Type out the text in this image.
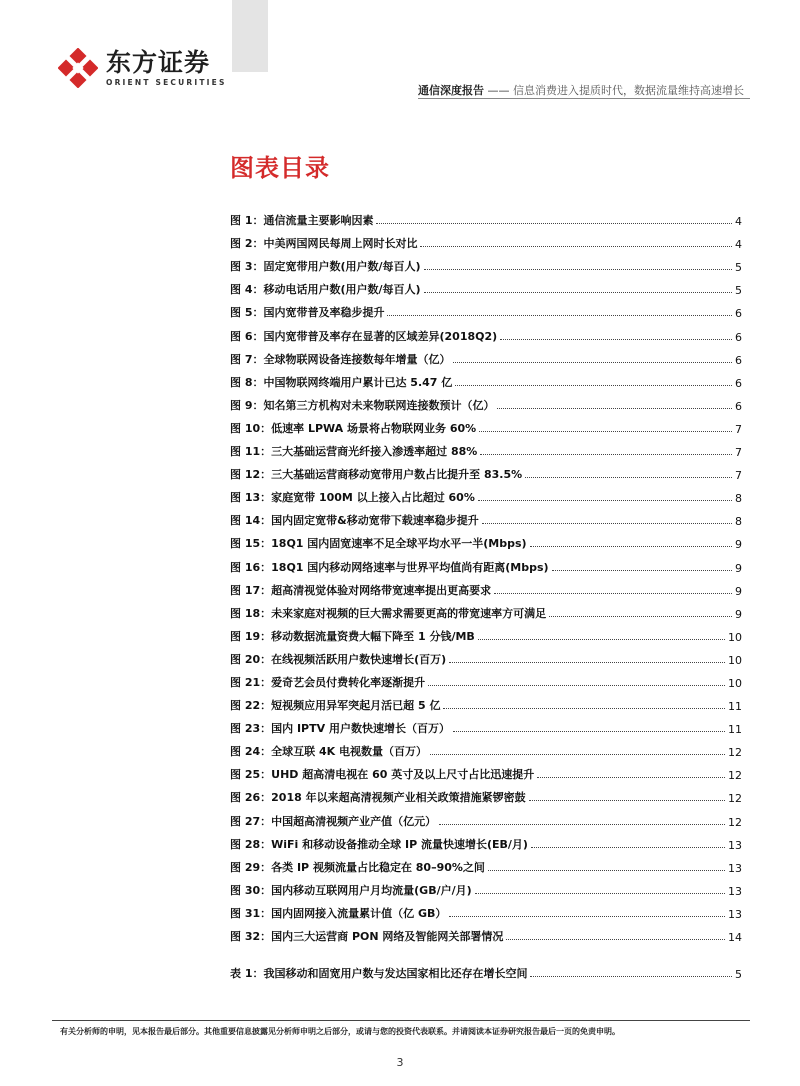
东方证券
ORIENT SECURITIES
通信深度报告 —— 信息消费进入提质时代，数据流量维持高速增长
图表目录
图 1：通信流量主要影响因素	4
图 2：中美两国网民每周上网时长对比	4
图 3：固定宽带用户数(用户数/每百人)	5
图 4：移动电话用户数(用户数/每百人)	5
图 5：国内宽带普及率稳步提升	6
图 6：国内宽带普及率存在显著的区域差异(2018Q2)	6
图 7：全球物联网设备连接数每年增量（亿）	6
图 8：中国物联网终端用户累计已达 5.47 亿	6
图 9：知名第三方机构对未来物联网连接数预计（亿）	6
图 10：低速率 LPWA 场景将占物联网业务 60%	7
图 11：三大基础运营商光纤接入渗透率超过 88%	7
图 12：三大基础运营商移动宽带用户数占比提升至 83.5%	7
图 13：家庭宽带 100M 以上接入占比超过 60%	8
图 14：国内固定宽带&移动宽带下载速率稳步提升	8
图 15：18Q1 国内固宽速率不足全球平均水平一半(Mbps)	9
图 16：18Q1 国内移动网络速率与世界平均值尚有距离(Mbps)	9
图 17：超高清视觉体验对网络带宽速率提出更高要求	9
图 18：未来家庭对视频的巨大需求需要更高的带宽速率方可满足	9
图 19：移动数据流量资费大幅下降至 1 分钱/MB	10
图 20：在线视频活跃用户数快速增长(百万)	10
图 21：爱奇艺会员付费转化率逐渐提升	10
图 22：短视频应用异军突起月活已超 5 亿	11
图 23：国内 IPTV 用户数快速增长（百万）	11
图 24：全球互联 4K 电视数量（百万）	12
图 25：UHD 超高清电视在 60 英寸及以上尺寸占比迅速提升	12
图 26：2018 年以来超高清视频产业相关政策措施紧锣密鼓	12
图 27：中国超高清视频产业产值（亿元）	12
图 28：WiFi 和移动设备推动全球 IP 流量快速增长(EB/月)	13
图 29：各类 IP 视频流量占比稳定在 80–90%之间	13
图 30：国内移动互联网用户月均流量(GB/户/月)	13
图 31：国内固网接入流量累计值（亿 GB）	13
图 32：国内三大运营商 PON 网络及智能网关部署情况	14
表 1：我国移动和固宽用户数与发达国家相比还存在增长空间	5
有关分析师的申明，见本报告最后部分。其他重要信息披露见分析师申明之后部分，或请与您的投资代表联系。并请阅读本证券研究报告最后一页的免责申明。
3
